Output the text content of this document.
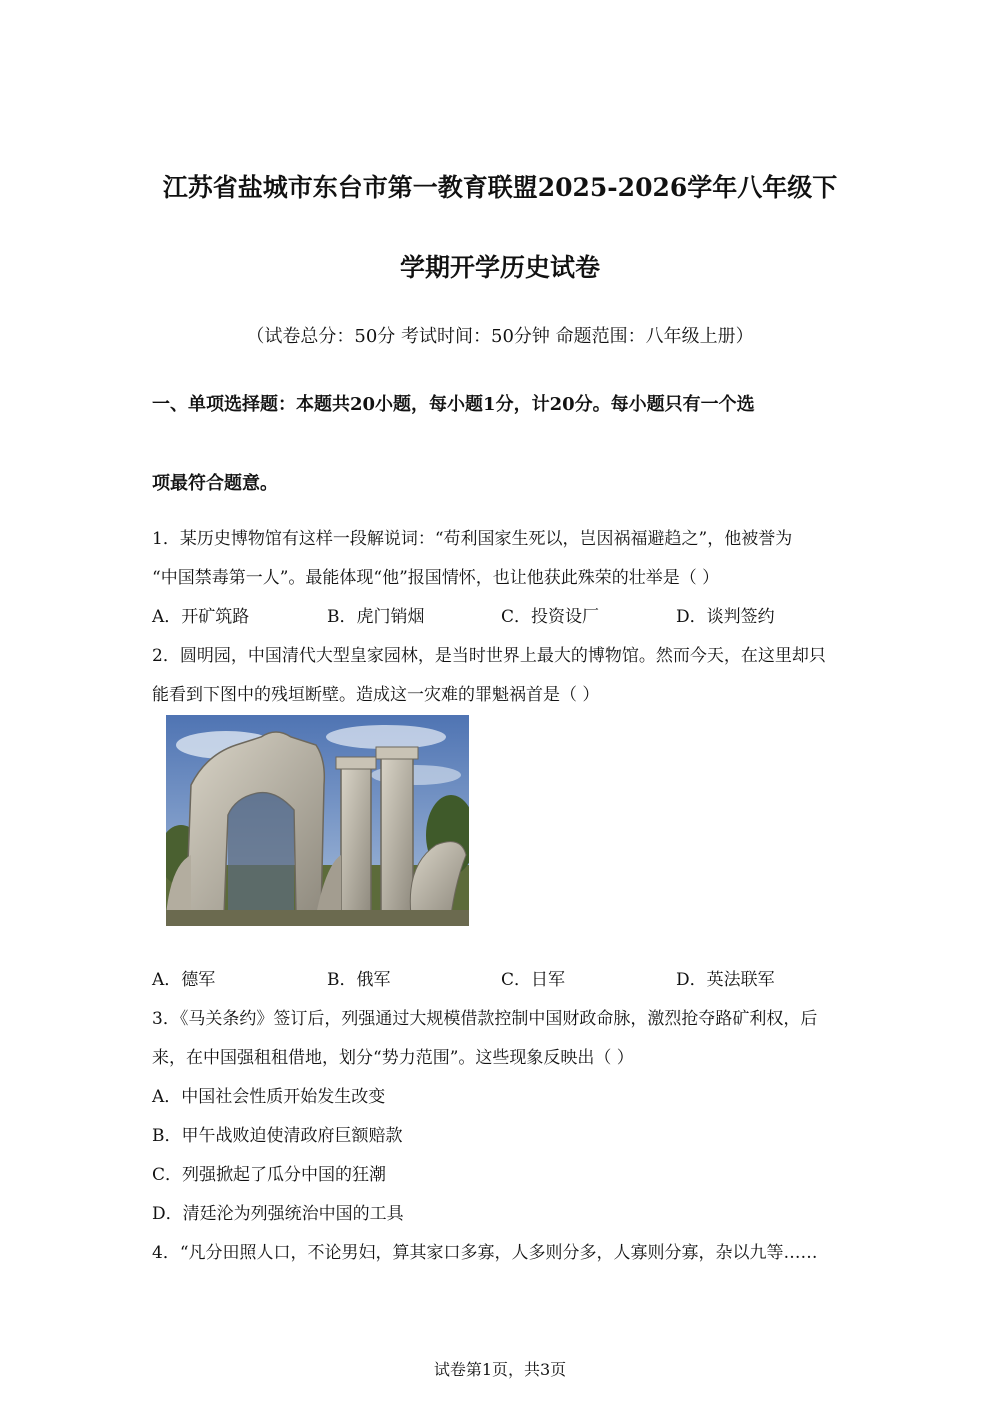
江苏省盐城市东台市第一教育联盟2025-2026学年八年级下
学期开学历史试卷
（试卷总分：50分 考试时间：50分钟 命题范围：八年级上册）
一、单项选择题：本题共20小题，每小题1分，计20分。每小题只有一个选
项最符合题意。
1．某历史博物馆有这样一段解说词：“苟利国家生死以，岂因祸福避趋之”，他被誉为
“中国禁毒第一人”。最能体现“他”报国情怀，也让他获此殊荣的壮举是（ ）
A．开矿筑路	B．虎门销烟	C．投资设厂	D．谈判签约
2．圆明园，中国清代大型皇家园林，是当时世界上最大的博物馆。然而今天，在这里却只
能看到下图中的残垣断壁。造成这一灾难的罪魁祸首是（ ）
A．德军	B．俄军	C．日军	D．英法联军
3．《马关条约》签订后，列强通过大规模借款控制中国财政命脉，激烈抢夺路矿利权，后
来，在中国强租租借地，划分“势力范围”。这些现象反映出（ ）
A．中国社会性质开始发生改变
B．甲午战败迫使清政府巨额赔款
C．列强掀起了瓜分中国的狂潮
D．清廷沦为列强统治中国的工具
4．“凡分田照人口，不论男妇，算其家口多寡，人多则分多，人寡则分寡，杂以九等……
试卷第1页，共3页
